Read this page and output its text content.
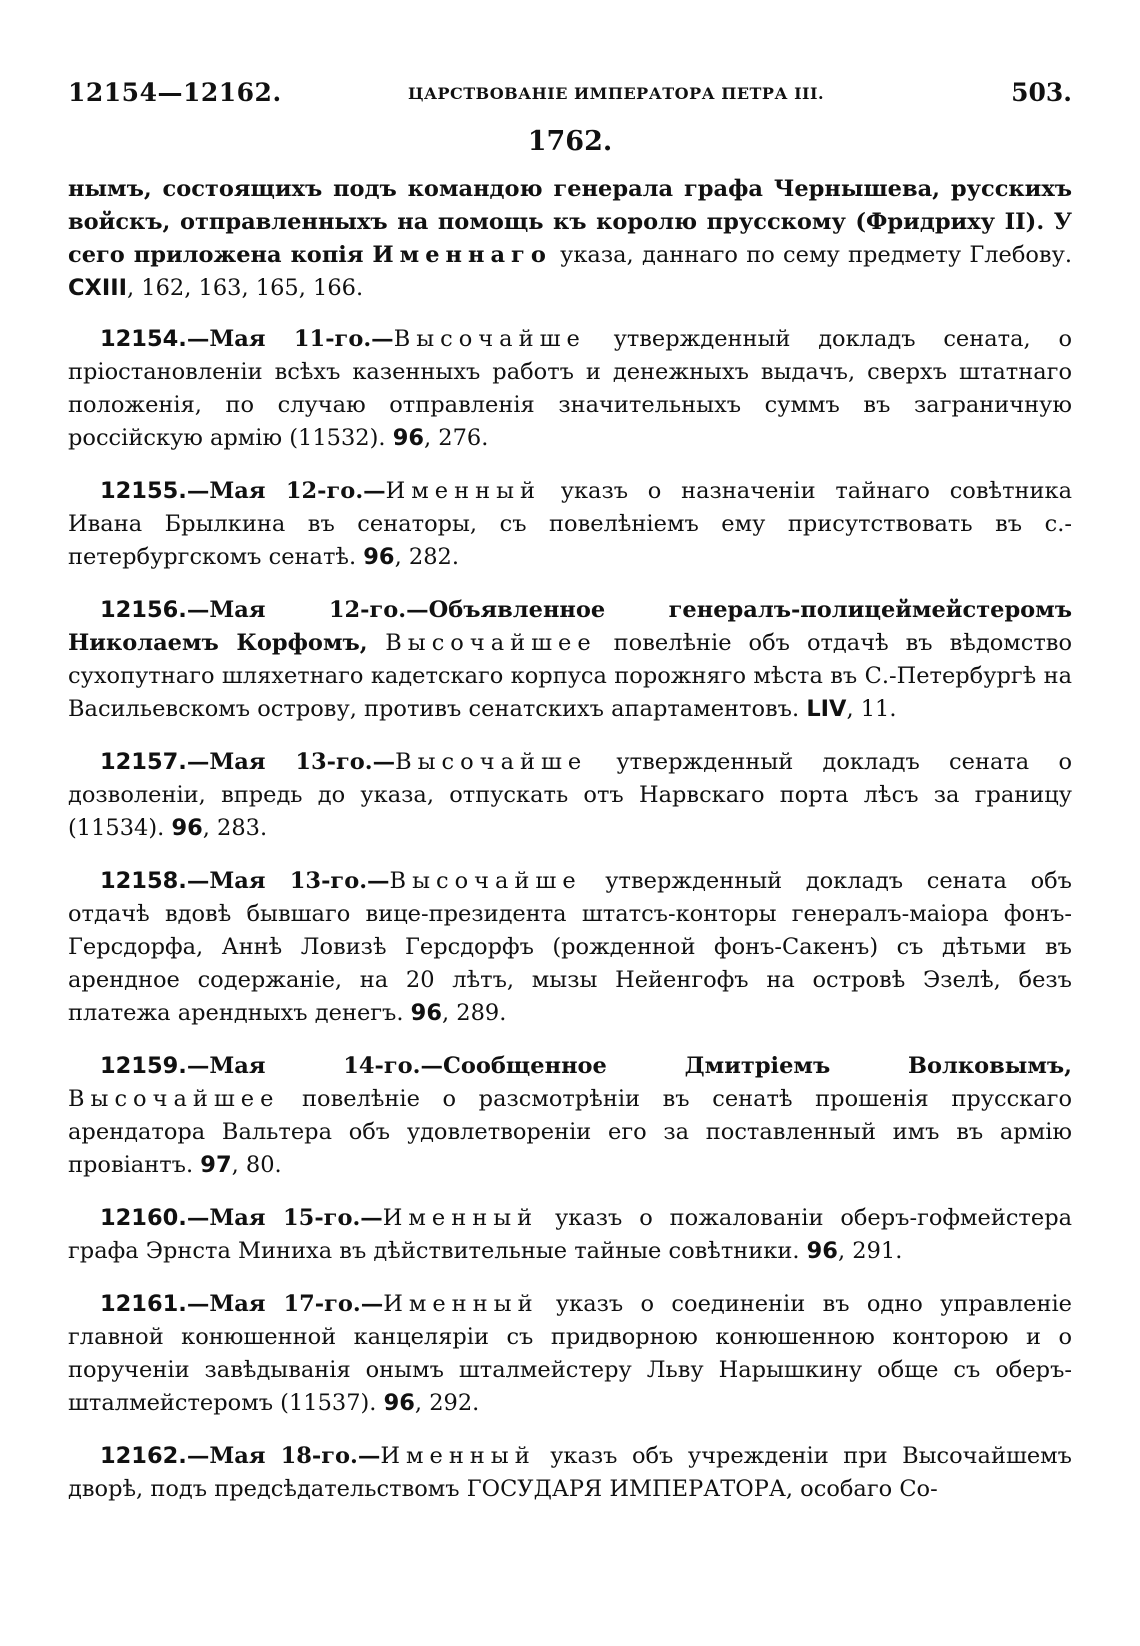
12154—12162.	ЦАРСТВОВАНІЕ ИМПЕРАТОРА ПЕТРА III.	503.
1762.

нымъ, состоящихъ подъ командою генерала графа Чернышева, русскихъ войскъ, отправленныхъ на помощь къ королю прусскому (Фридриху II). У сего приложена копія Именнаго указа, даннаго по сему предмету Глебову. CXIII, 162, 163, 165, 166.

12154.—Мая 11-го.—Высочайше утвержденный докладъ сената, о пріостановленіи всѣхъ казенныхъ работъ и денежныхъ выдачъ, сверхъ штатнаго положенія, по случаю отправленія значительныхъ суммъ въ заграничную россійскую армію (11532). 96, 276.

12155.—Мая 12-го.—Именный указъ о назначеніи тайнаго совѣтника Ивана Брылкина въ сенаторы, съ повелѣніемъ ему присутствовать въ с.-петербургскомъ сенатѣ. 96, 282.

12156.—Мая 12-го.—Объявленное генералъ-полицеймейстеромъ Николаемъ Корфомъ, Высочайшее повелѣніе объ отдачѣ въ вѣдомство сухопутнаго шляхетнаго кадетскаго корпуса порожняго мѣста въ С.-Петербургѣ на Васильевскомъ острову, противъ сенатскихъ апартаментовъ. LIV, 11.

12157.—Мая 13-го.—Высочайше утвержденный докладъ сената о дозволеніи, впредь до указа, отпускать отъ Нарвскаго порта лѣсъ за границу (11534). 96, 283.

12158.—Мая 13-го.—Высочайше утвержденный докладъ сената объ отдачѣ вдовѣ бывшаго вице-президента штатсъ-конторы генералъ-маіора фонъ-Герсдорфа, Аннѣ Ловизѣ Герсдорфъ (рожденной фонъ-Сакенъ) съ дѣтьми въ арендное содержаніе, на 20 лѣтъ, мызы Нейенгофъ на островѣ Эзелѣ, безъ платежа арендныхъ денегъ. 96, 289.

12159.—Мая 14-го.—Сообщенное Дмитріемъ Волковымъ, Высочайшее повелѣніе о разсмотрѣніи въ сенатѣ прошенія прусскаго арендатора Вальтера объ удовлетвореніи его за поставленный имъ въ армію провіантъ. 97, 80.

12160.—Мая 15-го.—Именный указъ о пожалованіи оберъ-гофмейстера графа Эрнста Миниха въ дѣйствительные тайные совѣтники. 96, 291.

12161.—Мая 17-го.—Именный указъ о соединеніи въ одно управленіе главной конюшенной канцеляріи съ придворною конюшенною конторою и о порученіи завѣдыванія онымъ шталмейстеру Льву Нарышкину обще съ оберъ-шталмейстеромъ (11537). 96, 292.

12162.—Мая 18-го.—Именный указъ объ учрежденіи при Высочайшемъ дворѣ, подъ предсѣдательствомъ ГОСУДАРЯ ИМПЕРАТОРА, особаго Со-
